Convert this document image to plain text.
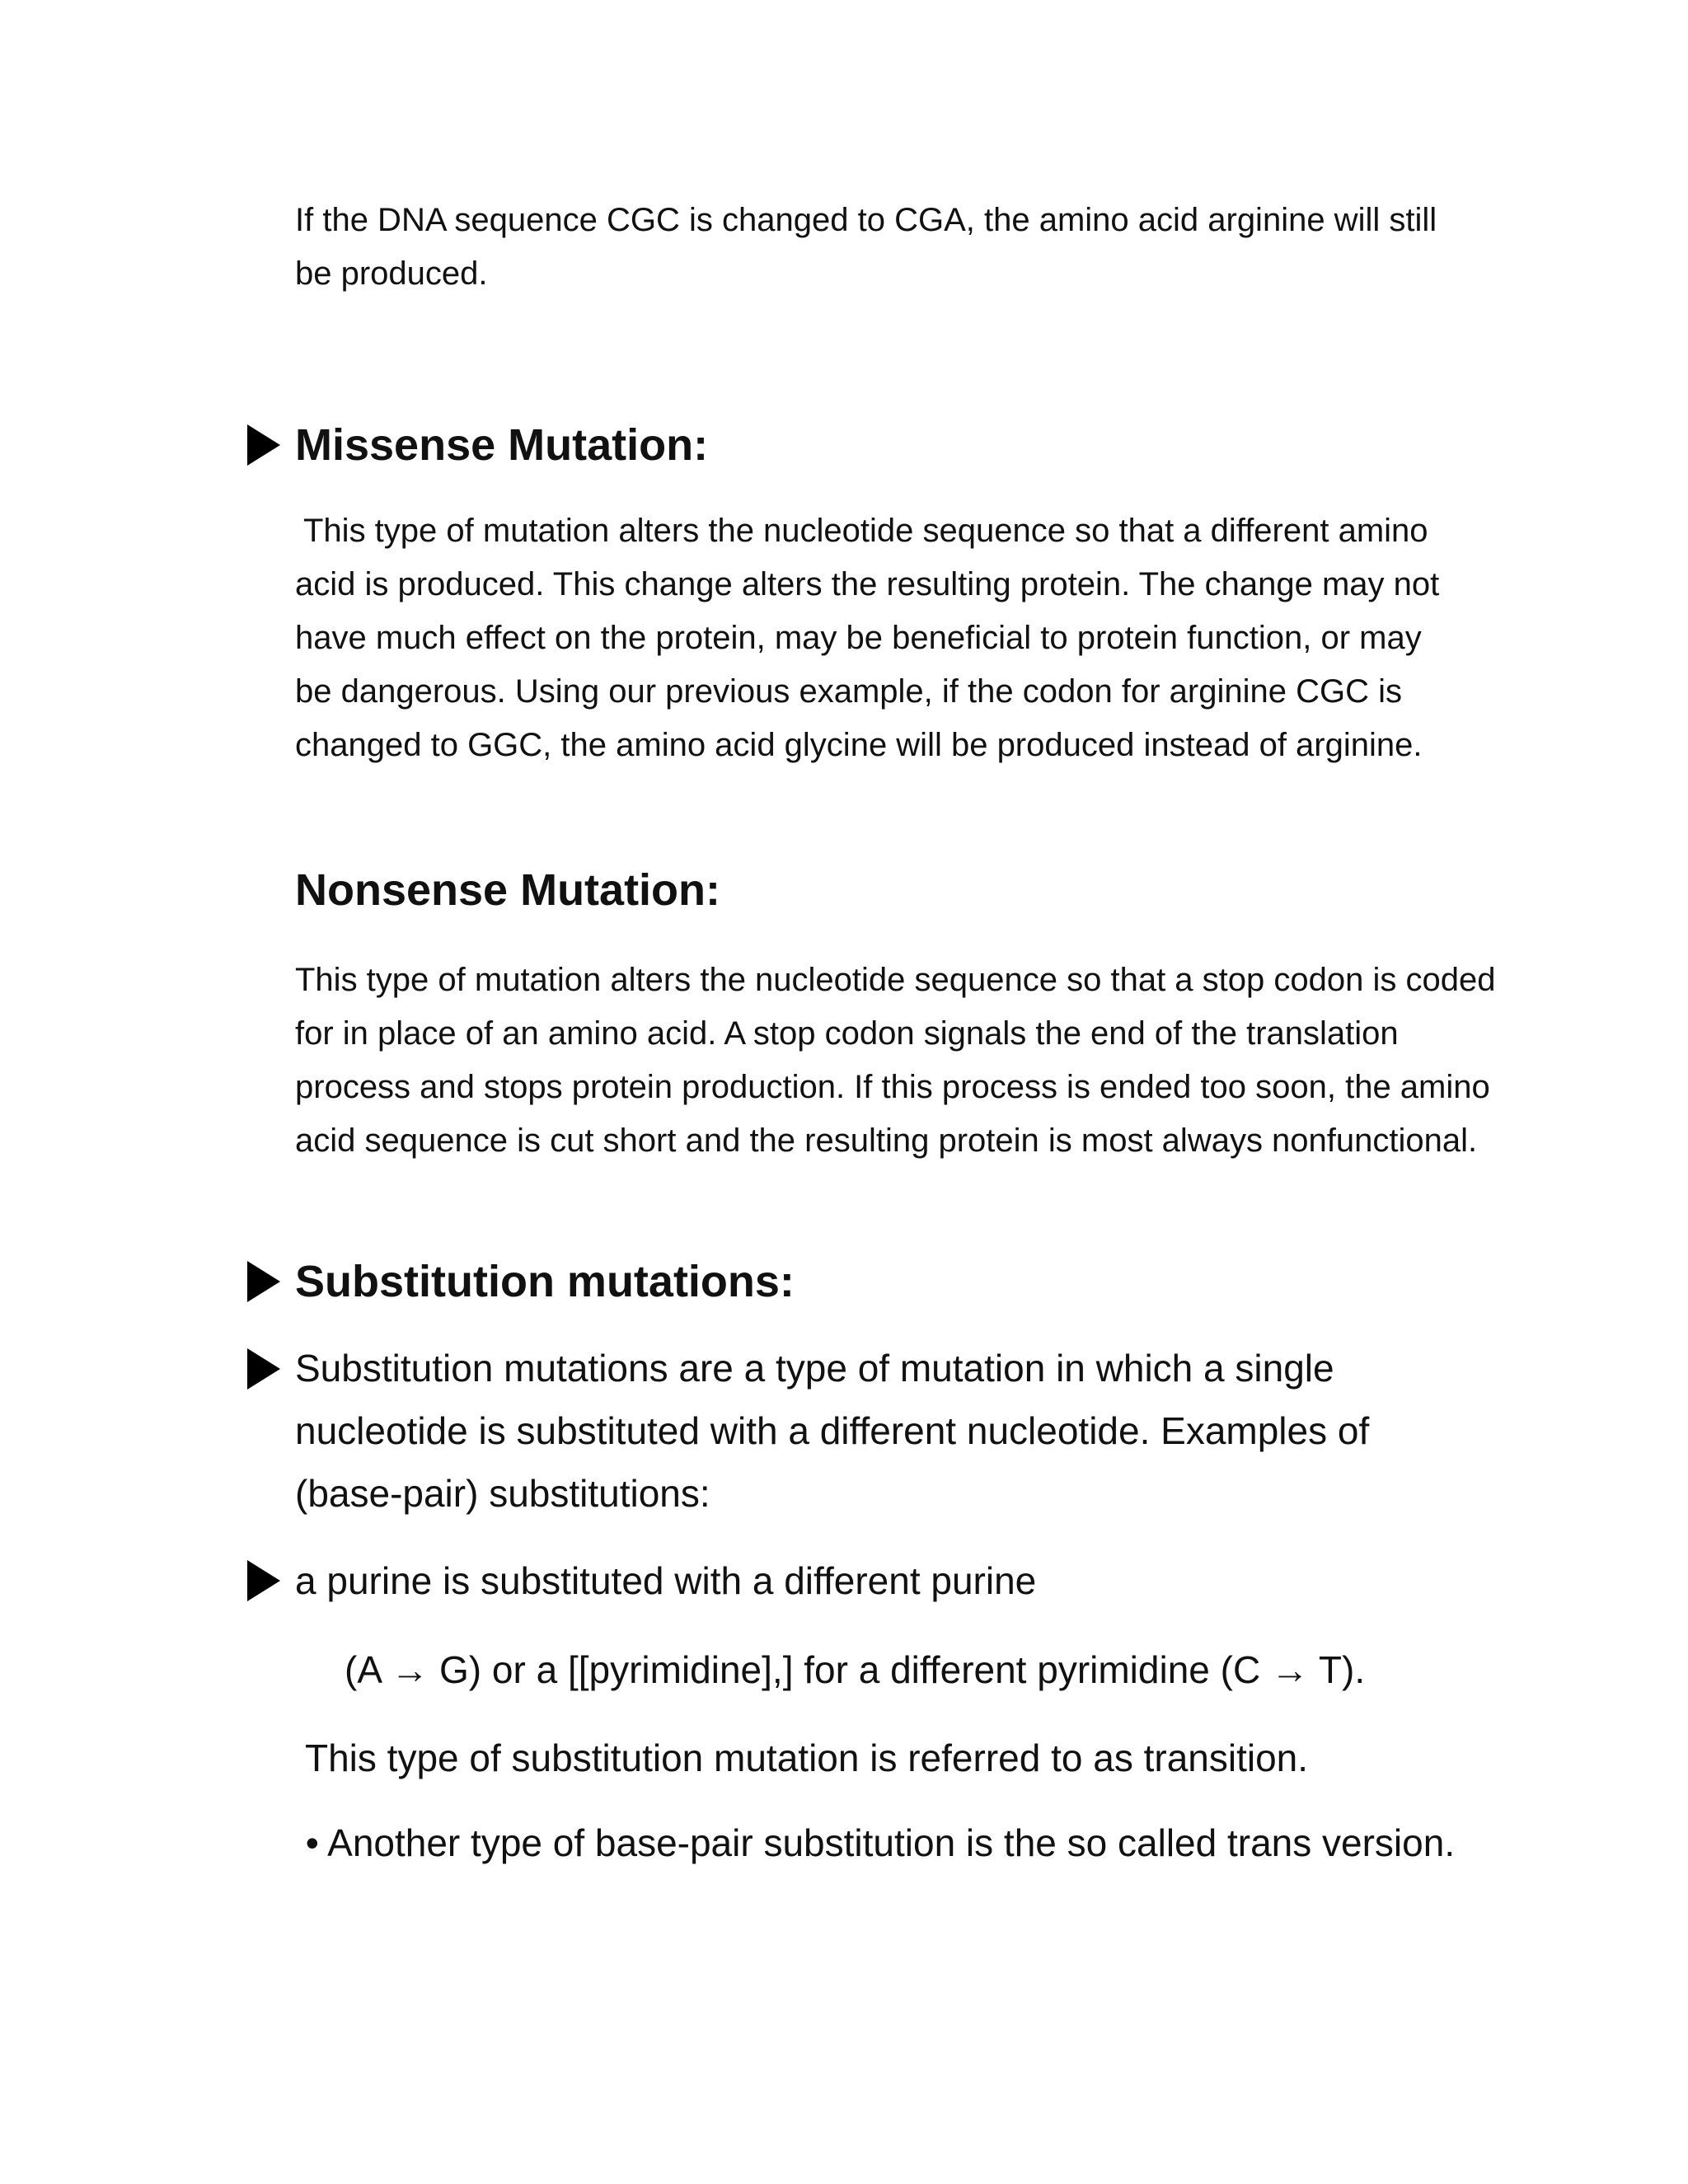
If the DNA sequence CGC is changed to CGA, the amino acid arginine will still be produced.

Missense Mutation:

This type of mutation alters the nucleotide sequence so that a different amino acid is produced. This change alters the resulting protein. The change may not have much effect on the protein, may be beneficial to protein function, or may be dangerous. Using our previous example, if the codon for arginine CGC is changed to GGC, the amino acid glycine will be produced instead of arginine.

Nonsense Mutation:

This type of mutation alters the nucleotide sequence so that a stop codon is coded for in place of an amino acid. A stop codon signals the end of the translation process and stops protein production. If this process is ended too soon, the amino acid sequence is cut short and the resulting protein is most always nonfunctional.

Substitution mutations:

Substitution mutations are a type of mutation in which a single nucleotide is substituted with a different nucleotide. Examples of (base-pair) substitutions:

a purine is substituted with a different purine

(A → G) or a [[pyrimidine],] for a different pyrimidine (C → T).

This type of substitution mutation is referred to as transition.

• Another type of base-pair substitution is the so called trans version.
